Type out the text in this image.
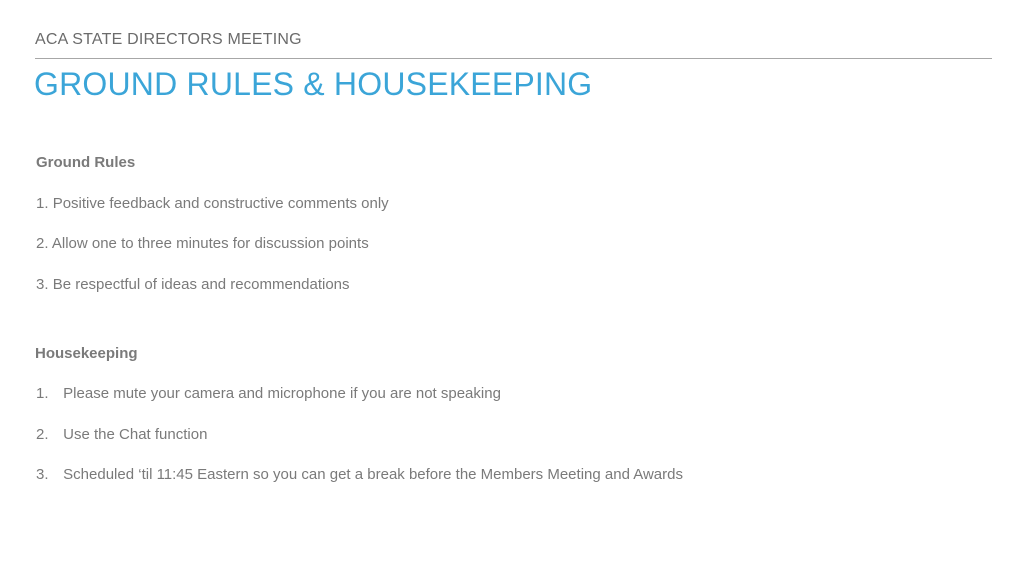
ACA STATE DIRECTORS MEETING
GROUND RULES & HOUSEKEEPING
Ground Rules
1. Positive feedback and constructive comments only
2. Allow one to three minutes for discussion points
3. Be respectful of ideas and recommendations
Housekeeping
1. Please mute your camera and microphone if you are not speaking
2. Use the Chat function
3. Scheduled ‘til 11:45 Eastern so you can get a break before the Members Meeting and Awards
